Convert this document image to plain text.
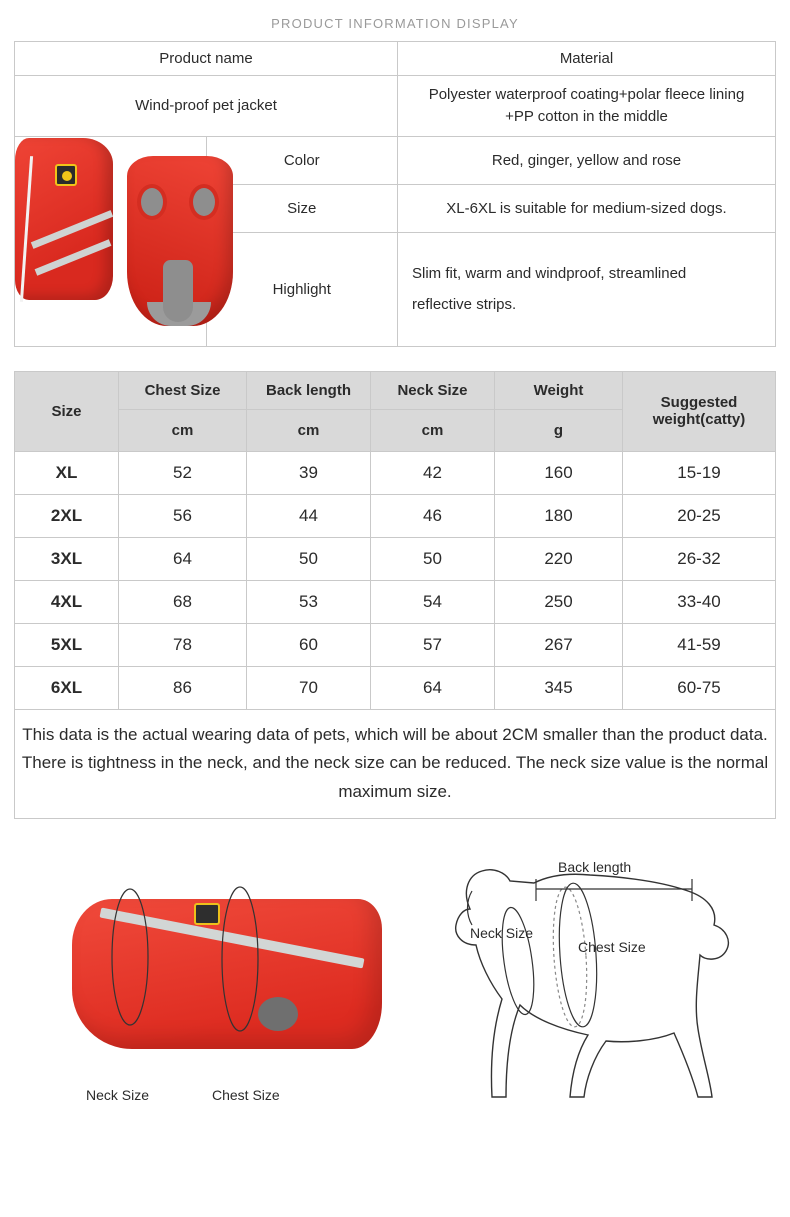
PRODUCT INFORMATION DISPLAY
Product name		Material
Wind-proof pet jacket		Polyester waterproof coating+polar fleece lining
+PP cotton in the middle

	Color	Red, ginger, yellow and rose
	Size	XL-6XL is suitable for medium-sized dogs.
	Highlight	Slim fit, warm and windproof, streamlined
reflective strips.
Size	Chest Size	Back length	Neck Size	Weight	Suggested weight(catty)
	cm	cm	cm	g	
XL	52	39	42	160	15-19
2XL	56	44	46	180	20-25
3XL	64	50	50	220	26-32
4XL	68	53	54	250	33-40
5XL	78	60	57	267	41-59
6XL	86	70	64	345	60-75
This data is the actual wearing data of pets, which will be about 2CM smaller than the product data.
There is tightness in the neck, and the neck size can be reduced. The neck size value is the normal maximum size.					
Neck Size	Chest Size
Back length
Neck Size
Chest Size
